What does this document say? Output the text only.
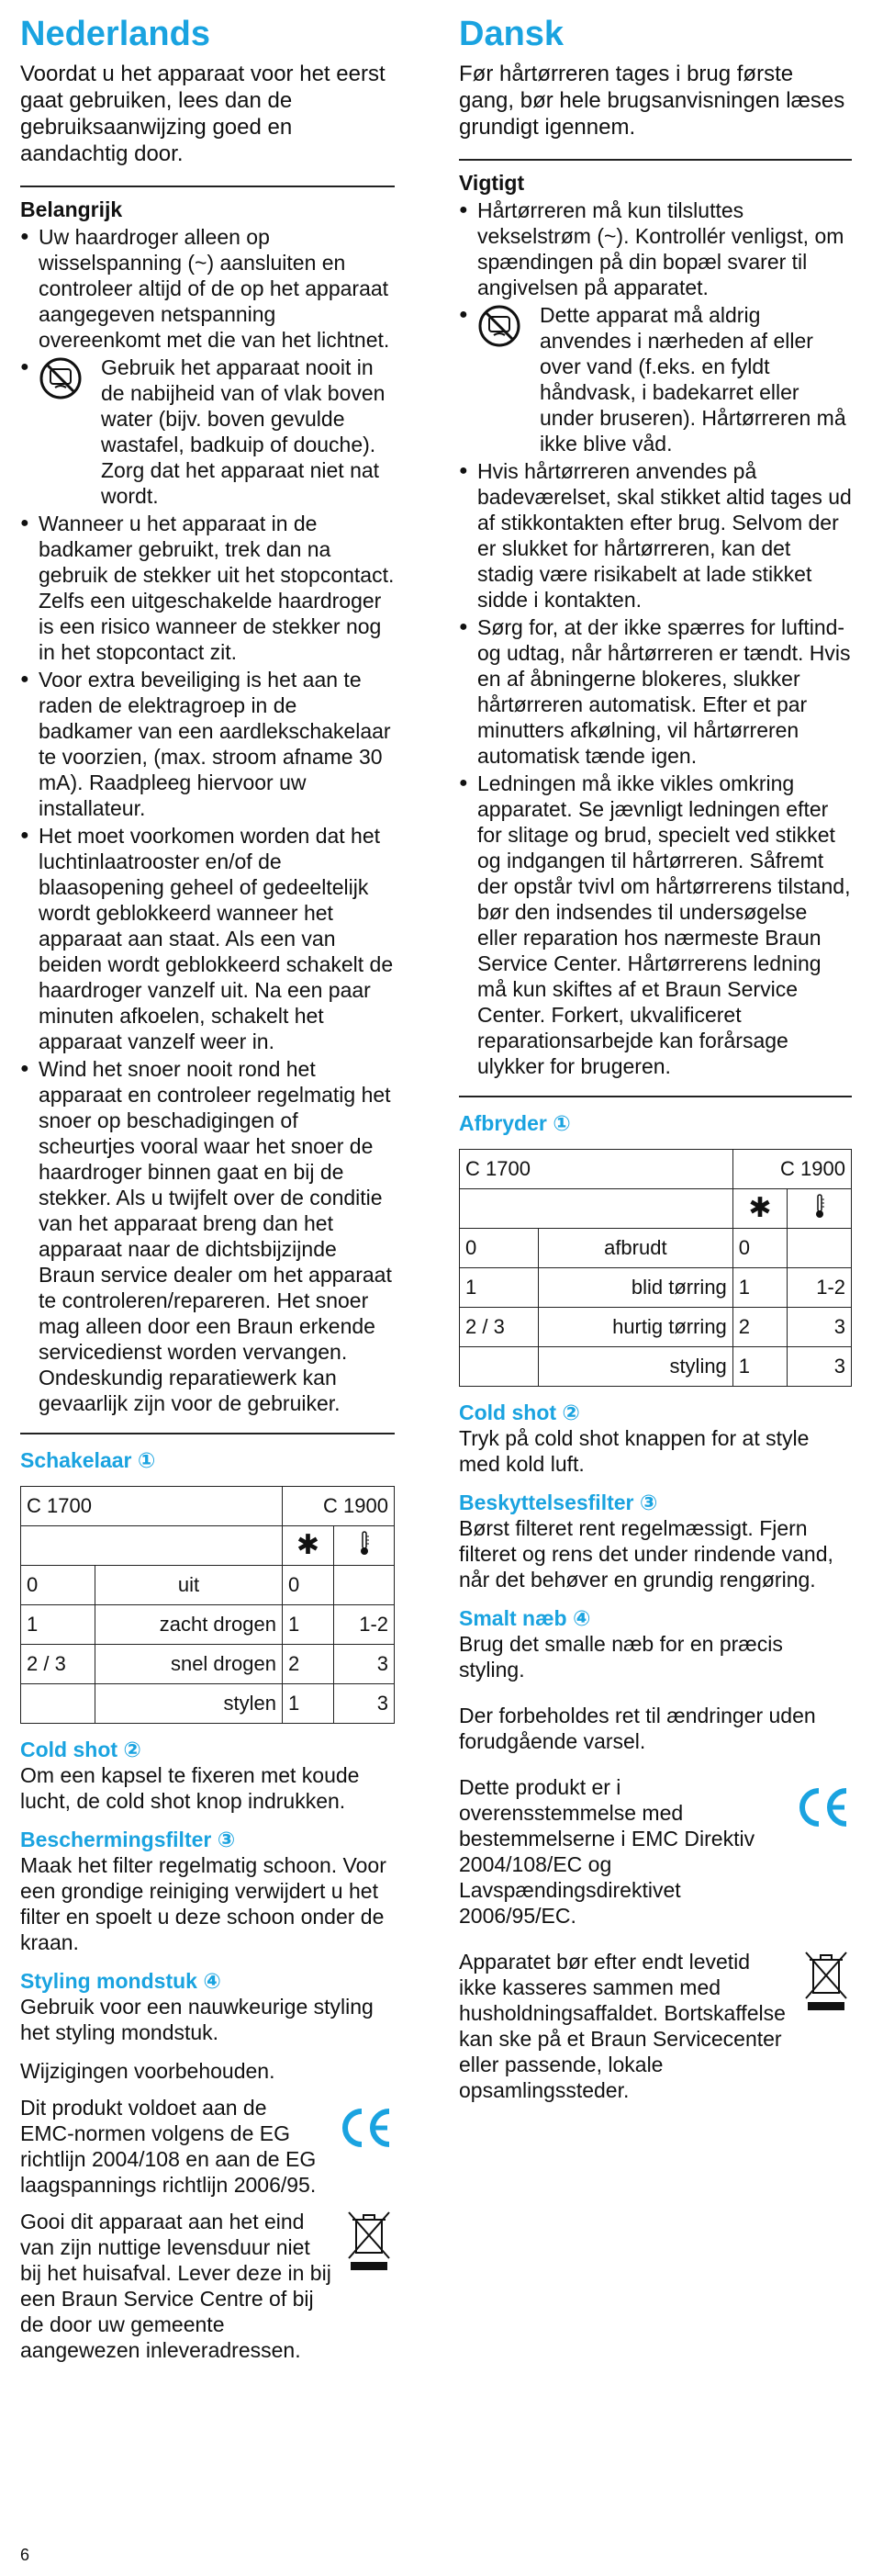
Nederlands
Voordat u het apparaat voor het eerst gaat gebruiken, lees dan de gebruiksaanwijzing goed en aandachtig door.
Belangrijk
● Uw haardroger alleen op wisselspanning (~) aansluiten en controleer altijd of de op het apparaat aangegeven netspanning overeenkomt met die van het lichtnet.
● Gebruik het apparaat nooit in de nabijheid van of vlak boven water (bijv. boven gevulde wastafel, badkuip of douche). Zorg dat het apparaat niet nat wordt.
● Wanneer u het apparaat in de badkamer gebruikt, trek dan na gebruik de stekker uit het stopcontact. Zelfs een uitgeschakelde haardroger is een risico wanneer de stekker nog in het stopcontact zit.
● Voor extra beveiliging is het aan te raden de elektragroep in de badkamer van een aardlekschakelaar te voorzien, (max. stroom afname 30 mA). Raadpleeg hiervoor uw installateur.
● Het moet voorkomen worden dat het luchtinlaatrooster en/of de blaasopening geheel of gedeeltelijk wordt geblokkeerd wanneer het apparaat aan staat. Als een van beiden wordt geblokkeerd schakelt de haardroger vanzelf uit. Na een paar minuten afkoelen, schakelt het apparaat vanzelf weer in.
● Wind het snoer nooit rond het apparaat en controleer regelmatig het snoer op beschadigingen of scheurtjes vooral waar het snoer de haardroger binnen gaat en bij de stekker. Als u twijfelt over de conditie van het apparaat breng dan het apparaat naar de dichtsbijzijnde Braun service dealer om het apparaat te controleren/repareren. Het snoer mag alleen door een Braun erkende servicedienst worden vervangen. Ondeskundig reparatiewerk kan gevaarlijk zijn voor de gebruiker.
Schakelaar ①
C 1700		C 1900	
		✱	
0	uit	0	
1	zacht drogen	1	1-2
2 / 3	snel drogen	2	3
	stylen	1	3
Cold shot ②
Om een kapsel te fixeren met koude lucht, de cold shot knop indrukken.
Beschermingsfilter ③
Maak het filter regelmatig schoon. Voor een grondige reiniging verwijdert u het filter en spoelt u deze schoon onder de kraan.
Styling mondstuk ④
Gebruik voor een nauwkeurige styling het styling mondstuk.
Wijzigingen voorbehouden.
Dit produkt voldoet aan de EMC-normen volgens de EG richtlijn 2004/108 en aan de EG laagspannings richtlijn 2006/95.
Gooi dit apparaat aan het eind van zijn nuttige levensduur niet bij het huisafval. Lever deze in bij een Braun Service Centre of bij de door uw gemeente aangewezen inleveradressen.
Dansk
Før hårtørreren tages i brug første gang, bør hele brugsanvisningen læses grundigt igennem.
Vigtigt
● Hårtørreren må kun tilsluttes vekselstrøm (~). Kontrollér venligst, om spændingen på din bopæl svarer til angivelsen på apparatet.
● Dette apparat må aldrig anvendes i nærheden af eller over vand (f.eks. en fyldt håndvask, i badekarret eller under bruseren). Hårtørreren må ikke blive våd.
● Hvis hårtørreren anvendes på badeværelset, skal stikket altid tages ud af stikkontakten efter brug. Selvom der er slukket for hårtørreren, kan det stadig være risikabelt at lade stikket sidde i kontakten.
● Sørg for, at der ikke spærres for luftind- og udtag, når hårtørreren er tændt. Hvis en af åbningerne blokeres, slukker hårtørreren automatisk. Efter et par minutters afkølning, vil hårtørreren automatisk tænde igen.
● Ledningen må ikke vikles omkring apparatet. Se jævnligt ledningen efter for slitage og brud, specielt ved stikket og indgangen til hårtørreren. Såfremt der opstår tvivl om hårtørrerens tilstand, bør den indsendes til undersøgelse eller reparation hos nærmeste Braun Service Center. Hårtørrerens ledning må kun skiftes af et Braun Service Center. Forkert, ukvalificeret reparationsarbejde kan forårsage ulykker for brugeren.
Afbryder ①
C 1700		C 1900	
		✱	
0	afbrudt	0	
1	blid tørring	1	1-2
2 / 3	hurtig tørring	2	3
	styling	1	3
Cold shot ②
Tryk på cold shot knappen for at style med kold luft.
Beskyttelsesfilter ③
Børst filteret rent regelmæssigt. Fjern filteret og rens det under rindende vand, når det behøver en grundig rengøring.
Smalt næb ④
Brug det smalle næb for en præcis styling.
Der forbeholdes ret til ændringer uden forudgående varsel.
Dette produkt er i overensstemmelse med bestemmelserne i EMC Direktiv 2004/108/EC og Lavspændingsdirektivet 2006/95/EC.
Apparatet bør efter endt levetid ikke kasseres sammen med husholdningsaffaldet. Bortskaffelse kan ske på et Braun Servicecenter eller passende, lokale opsamlingssteder.
6
